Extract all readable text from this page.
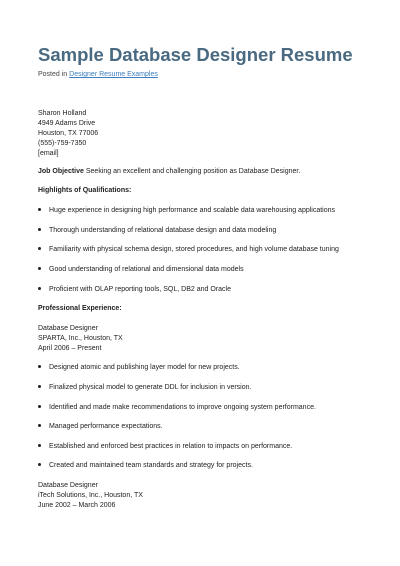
Sample Database Designer Resume
Posted in Designer Resume Examples
Sharon Holland
4949 Adams Drive
Houston, TX 77006
(555)-759-7350
[email]
Job Objective Seeking an excellent and challenging position as Database Designer.
Highlights of Qualifications:
Huge experience in designing high performance and scalable data warehousing applications
Thorough understanding of relational database design and data modeling
Familiarity with physical schema design, stored procedures, and high volume database tuning
Good understanding of relational and dimensional data models
Proficient with OLAP reporting tools, SQL, DB2 and Oracle
Professional Experience:
Database Designer
SPARTA, Inc., Houston, TX
April 2006 – Present
Designed atomic and publishing layer model for new projects.
Finalized physical model to generate DDL for inclusion in version.
Identified and made make recommendations to improve ongoing system performance.
Managed performance expectations.
Established and enforced best practices in relation to impacts on performance.
Created and maintained team standards and strategy for projects.
Database Designer
iTech Solutions, Inc., Houston, TX
June 2002 – March 2006
